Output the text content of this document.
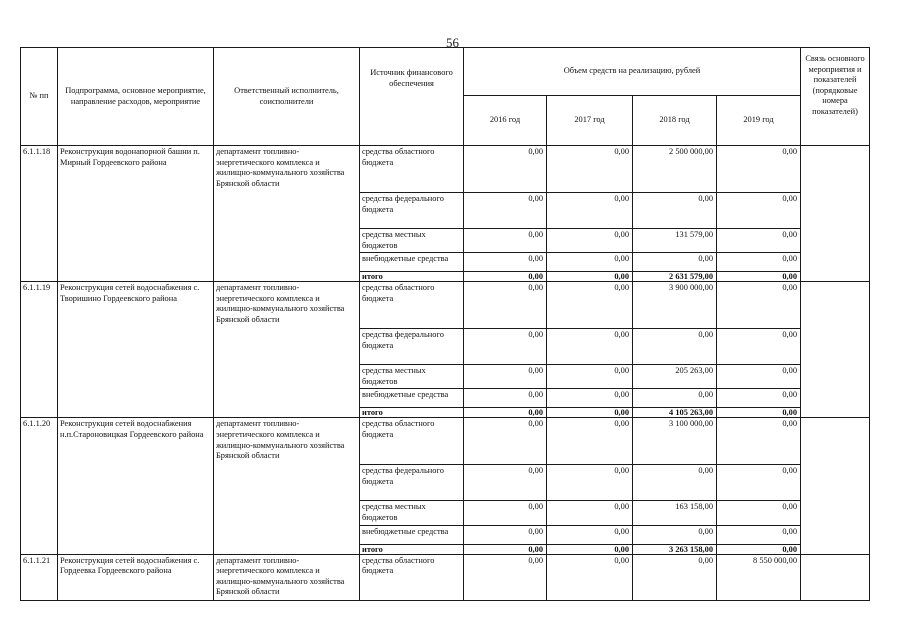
56
№ пп	Подпрограмма, основное мероприятие, направление расходов, мероприятие	Ответственный исполнитель, соисполнители	Источник финансового обеспечения	Объем средств на реализацию, рублей				Связь основного мероприятия и показателей (порядковые номера показателей)
				2016 год	2017 год	2018 год	2019 год	
6.1.1.18	Реконструкция водонапорной башни п. Мирный Гордеевского района	департамент топливно-энергетического комплекса и жилищно-коммунального хозяйства Брянской области	средства областного бюджета	0,00	0,00	2 500 000,00	0,00	
			средства федерального бюджета	0,00	0,00	0,00	0,00	
			средства местных бюджетов	0,00	0,00	131 579,00	0,00	
			внебюджетные средства	0,00	0,00	0,00	0,00	
			итого	0,00	0,00	2 631 579,00	0,00	
6.1.1.19	Реконструкция сетей водоснабжения с. Творишино Гордеевского района	департамент топливно-энергетического комплекса и жилищно-коммунального хозяйства Брянской области	средства областного бюджета	0,00	0,00	3 900 000,00	0,00	
			средства федерального бюджета	0,00	0,00	0,00	0,00	
			средства местных бюджетов	0,00	0,00	205 263,00	0,00	
			внебюджетные средства	0,00	0,00	0,00	0,00	
			итого	0,00	0,00	4 105 263,00	0,00	
6.1.1.20	Реконструкция сетей водоснабжения н.п.Староновицкая Гордеевского района	департамент топливно-энергетического комплекса и жилищно-коммунального хозяйства Брянской области	средства областного бюджета	0,00	0,00	3 100 000,00	0,00	
			средства федерального бюджета	0,00	0,00	0,00	0,00	
			средства местных бюджетов	0,00	0,00	163 158,00	0,00	
			внебюджетные средства	0,00	0,00	0,00	0,00	
			итого	0,00	0,00	3 263 158,00	0,00	
6.1.1.21	Реконструкция сетей водоснабжения с. Гордеевка Гордеевского района	департамент топливно-энергетического комплекса и жилищно-коммунального хозяйства Брянской области	средства областного бюджета	0,00	0,00	0,00	8 550 000,00	
